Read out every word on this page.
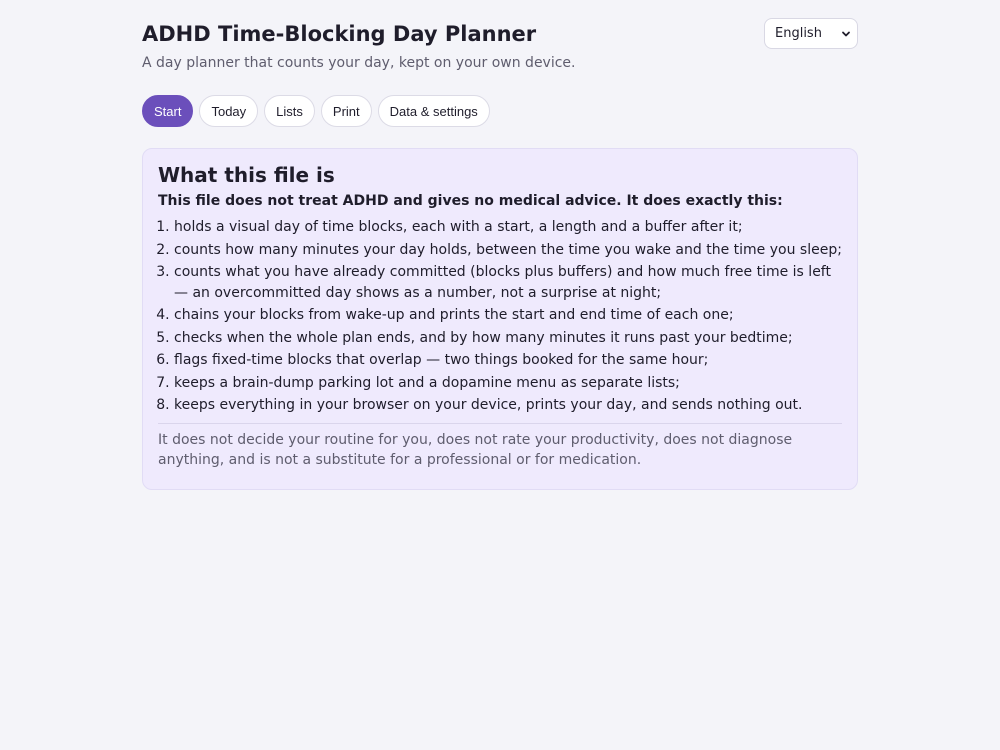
ADHD Time-Blocking Day Planner	English

A day planner that counts your day, kept on your own device.

Start	Today	Lists	Print	Data & settings
What this file is

This file does not treat ADHD and gives no medical advice. It does exactly this:

1. holds a visual day of time blocks, each with a start, a length and a buffer after it;
2. counts how many minutes your day holds, between the time you wake and the time you sleep;
3. counts what you have already committed (blocks plus buffers) and how much free time is left — an overcommitted day shows as a number, not a surprise at night;
4. chains your blocks from wake-up and prints the start and end time of each one;
5. checks when the whole plan ends, and by how many minutes it runs past your bedtime;
6. flags fixed-time blocks that overlap — two things booked for the same hour;
7. keeps a brain-dump parking lot and a dopamine menu as separate lists;
8. keeps everything in your browser on your device, prints your day, and sends nothing out.

It does not decide your routine for you, does not rate your productivity, does not diagnose anything, and is not a substitute for a professional or for medication.
